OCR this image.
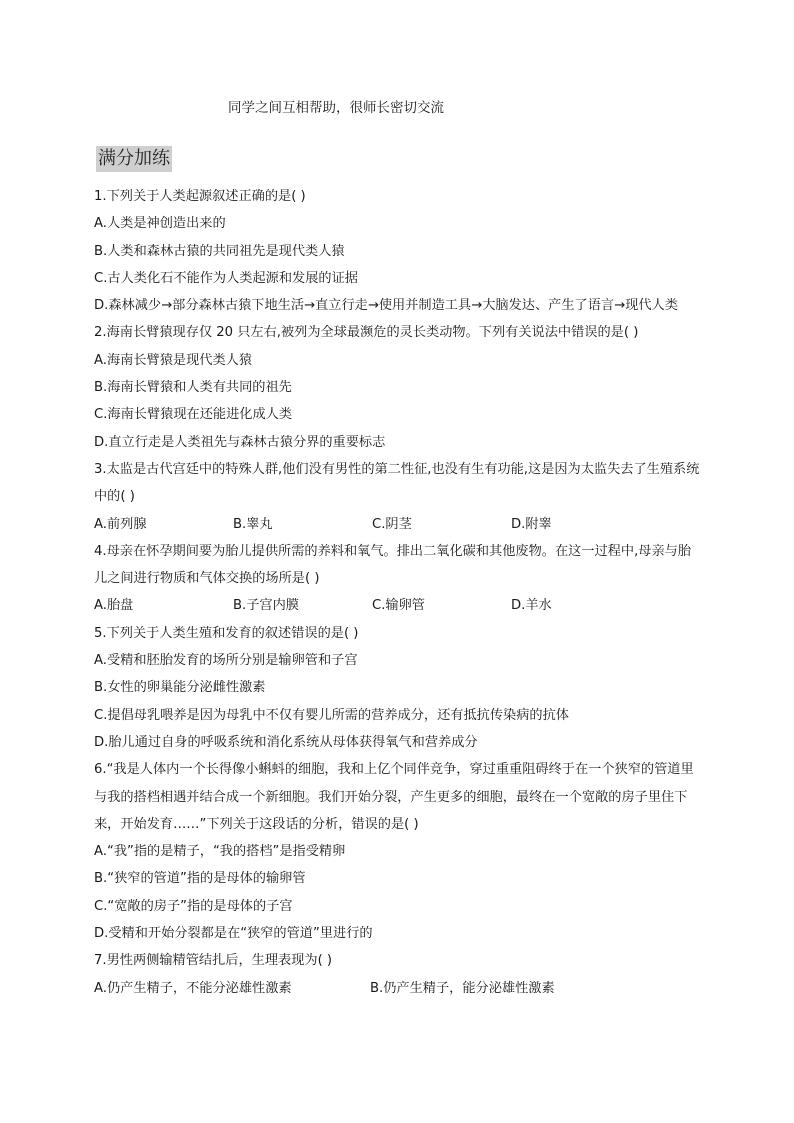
同学之间互相帮助，很师长密切交流
满分加练
1.下列关于人类起源叙述正确的是( )
A.人类是神创造出来的
B.人类和森林古猿的共同祖先是现代类人猿
C.古人类化石不能作为人类起源和发展的证据
D.森林减少→部分森林古猿下地生活→直立行走→使用并制造工具→大脑发达、产生了语言→现代人类
2.海南长臂猿现存仅 20 只左右,被列为全球最濒危的灵长类动物。下列有关说法中错误的是( )
A.海南长臂猿是现代类人猿
B.海南长臂猿和人类有共同的祖先
C.海南长臂猿现在还能进化成人类
D.直立行走是人类祖先与森林古猿分界的重要标志
3.太监是古代宫廷中的特殊人群,他们没有男性的第二性征,也没有生有功能,这是因为太监失去了生殖系统中的( )
A.前列腺	B.睾丸	C.阴茎	D.附睾
4.母亲在怀孕期间要为胎儿提供所需的养料和氧气。排出二氧化碳和其他废物。在这一过程中,母亲与胎儿之间进行物质和气体交换的场所是( )
A.胎盘	B.子宫内膜	C.输卵管	D.羊水
5.下列关于人类生殖和发育的叙述错误的是( )
A.受精和胚胎发育的场所分别是输卵管和子宫
B.女性的卵巢能分泌雌性激素
C.提倡母乳喂养是因为母乳中不仅有婴儿所需的营养成分，还有抵抗传染病的抗体
D.胎儿通过自身的呼吸系统和消化系统从母体获得氧气和营养成分
6.“我是人体内一个长得像小蝌蚪的细胞，我和上亿个同伴竞争，穿过重重阻碍终于在一个狭窄的管道里与我的搭档相遇并结合成一个新细胞。我们开始分裂，产生更多的细胞，最终在一个宽敞的房子里住下来，开始发育……”下列关于这段话的分析，错误的是( )
A.“我”指的是精子，“我的搭档”是指受精卵
B.“狭窄的管道”指的是母体的输卵管
C.“宽敞的房子”指的是母体的子宫
D.受精和开始分裂都是在“狭窄的管道”里进行的
7.男性两侧输精管结扎后，生理表现为( )
A.仍产生精子，不能分泌雄性激素	B.仍产生精子，能分泌雄性激素
